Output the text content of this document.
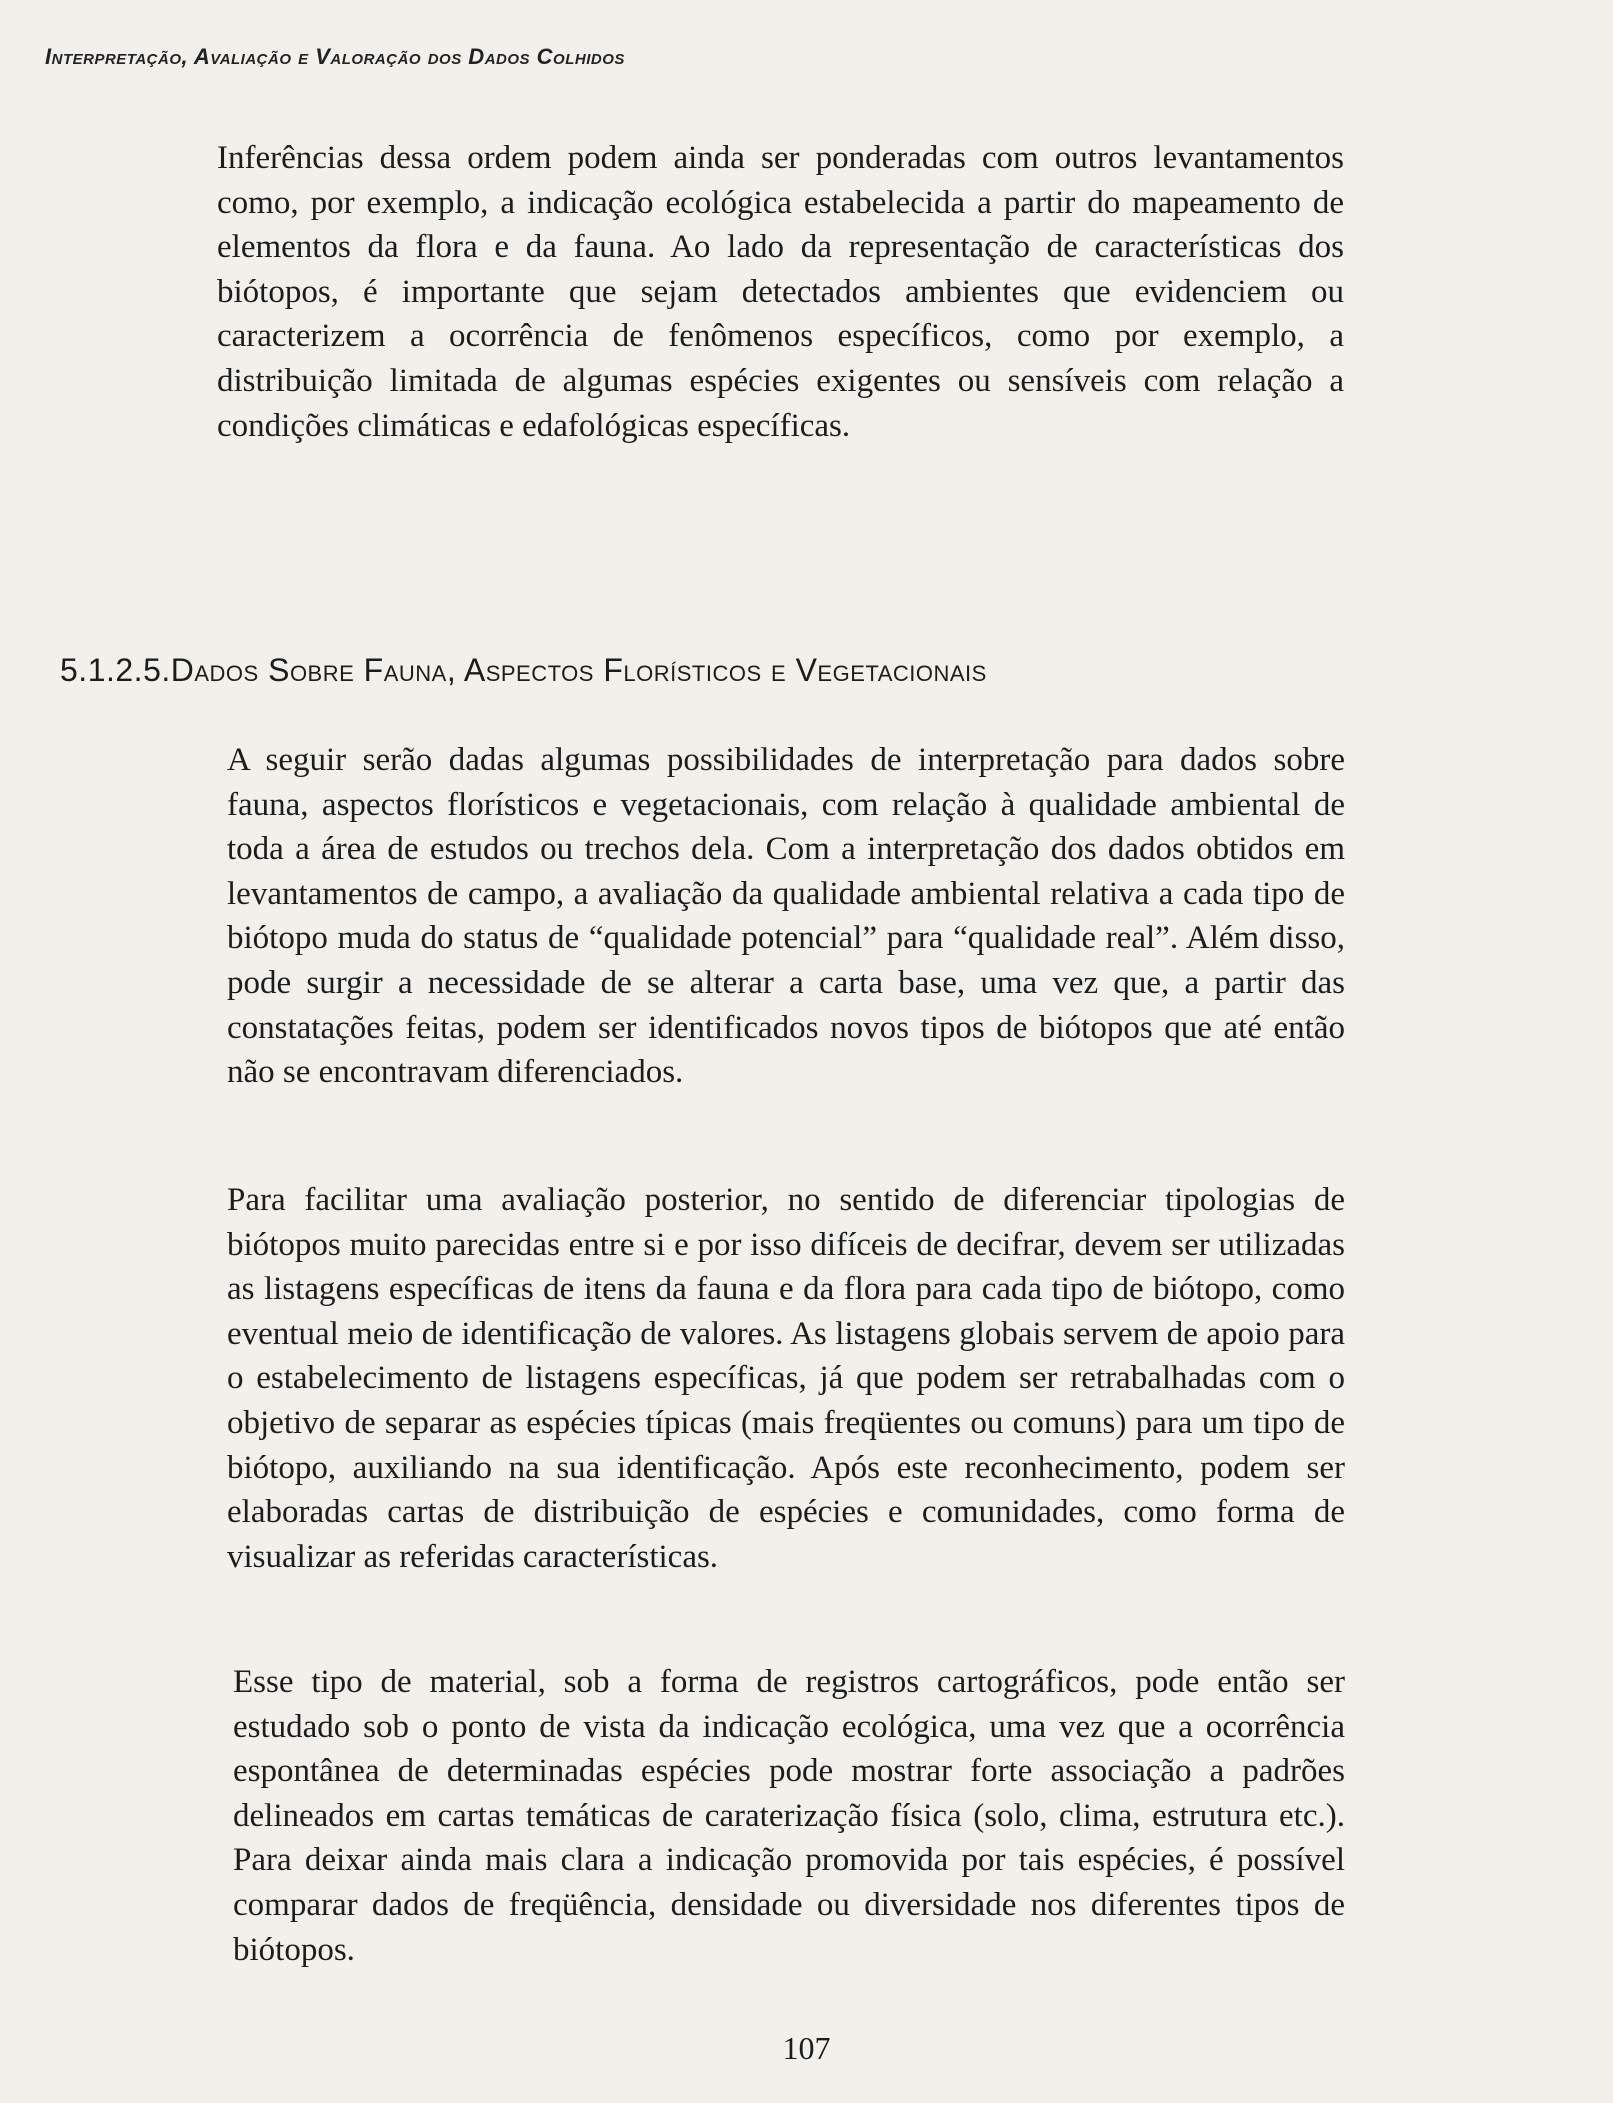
Interpretação, Avaliação e Valoração dos Dados Colhidos

Inferências dessa ordem podem ainda ser ponderadas com outros levantamentos como, por exemplo, a indicação ecológica estabelecida a partir do mapeamento de elementos da flora e da fauna. Ao lado da representação de características dos biótopos, é importante que sejam detectados ambientes que evidenciem ou caracterizem a ocorrência de fenômenos específicos, como por exemplo, a distribuição limitada de algumas espécies exigentes ou sensíveis com relação a condições climáticas e edafológicas específicas.

5.1.2.5.Dados Sobre Fauna, Aspectos Florísticos e Vegetacionais

A seguir serão dadas algumas possibilidades de interpretação para dados sobre fauna, aspectos florísticos e vegetacionais, com relação à qualidade ambiental de toda a área de estudos ou trechos dela. Com a interpretação dos dados obtidos em levantamentos de campo, a avaliação da qualidade ambiental relativa a cada tipo de biótopo muda do status de “qualidade potencial” para “qualidade real”. Além disso, pode surgir a necessidade de se alterar a carta base, uma vez que, a partir das constatações feitas, podem ser identificados novos tipos de biótopos que até então não se encontravam diferenciados.

Para facilitar uma avaliação posterior, no sentido de diferenciar tipologias de biótopos muito parecidas entre si e por isso difíceis de decifrar, devem ser utilizadas as listagens específicas de itens da fauna e da flora para cada tipo de biótopo, como eventual meio de identificação de valores. As listagens globais servem de apoio para o estabelecimento de listagens específicas, já que podem ser retrabalhadas com o objetivo de separar as espécies típicas (mais freqüentes ou comuns) para um tipo de biótopo, auxiliando na sua identificação. Após este reconhecimento, podem ser elaboradas cartas de distribuição de espécies e comunidades, como forma de visualizar as referidas características.

Esse tipo de material, sob a forma de registros cartográficos, pode então ser estudado sob o ponto de vista da indicação ecológica, uma vez que a ocorrência espontânea de determinadas espécies pode mostrar forte associação a padrões delineados em cartas temáticas de caraterização física (solo, clima, estrutura etc.). Para deixar ainda mais clara a indicação promovida por tais espécies, é possível comparar dados de freqüência, densidade ou diversidade nos diferentes tipos de biótopos.

107
